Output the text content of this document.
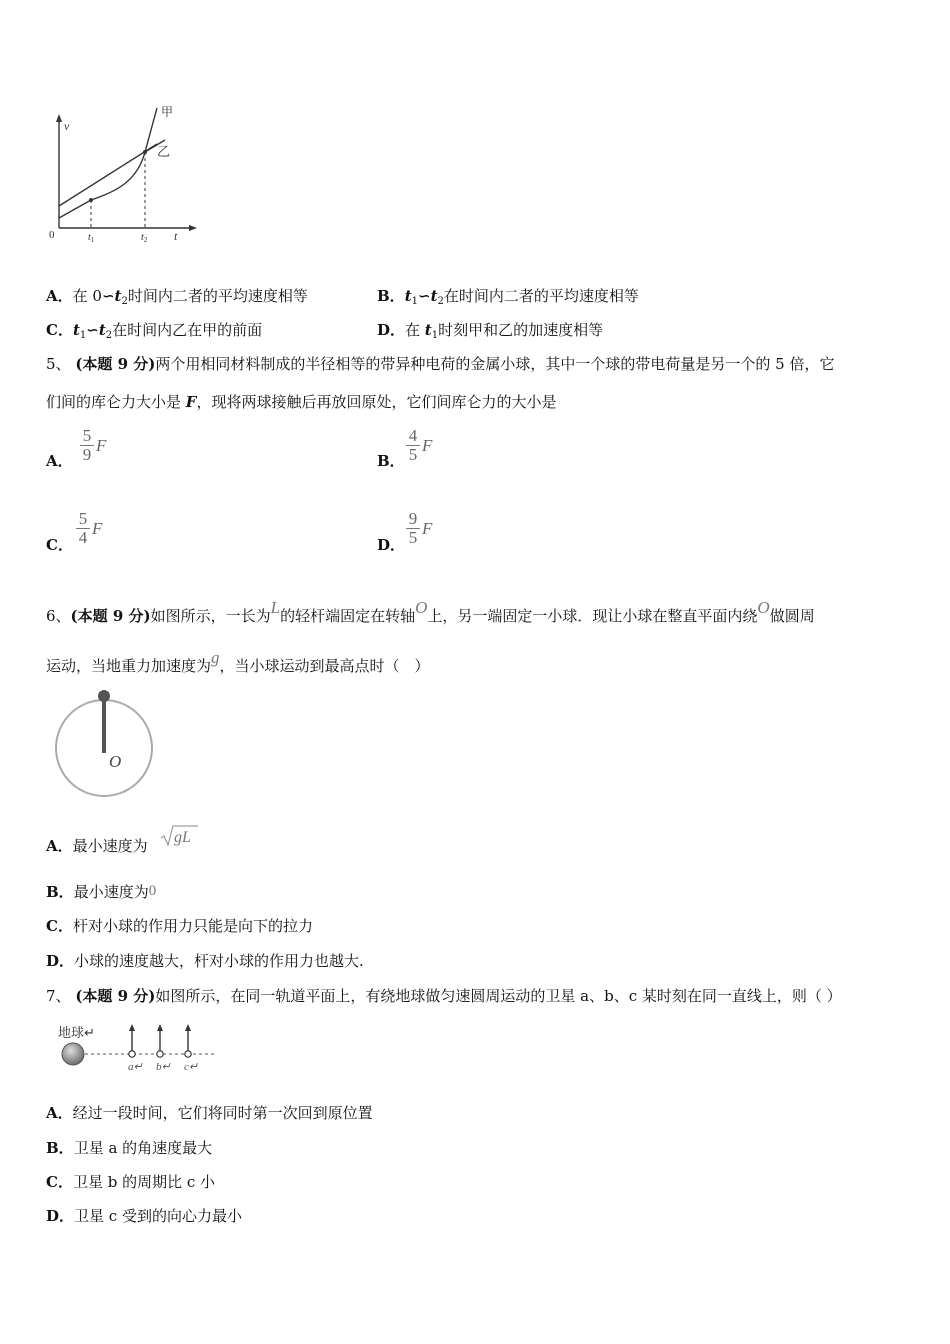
v
t
0	$t_1$	$t_2$
甲
乙
A．在 $0∽t_2$时间内二者的平均速度相等	B．$t_1∽t_2$在时间内二者的平均速度相等
C．$t_1∽t_2$在时间内乙在甲的前面	D．在 $t_1$时刻甲和乙的加速度相等
5、 (本题 9 分)两个用相同材料制成的半径相等的带异种电荷的金属小球，其中一个球的带电荷量是另一个的 5 倍，它
们间的库仑力大小是 F，现将两球接触后再放回原处，它们间库仑力的大小是
A．
5
9 F
B．
4
5 F
C．
5
4 F
D．
9
5 F
6、(本题 9 分)如图所示，一长为L的轻杆端固定在转轴O上，另一端固定一小球．现让小球在整直平面内绕O做圆周
运动，当地重力加速度为g，当小球运动到最高点时（　）
O
A．最小速度为 gL
B．最小速度为0
C．杆对小球的作用力只能是向下的拉力
D．小球的速度越大，杆对小球的作用力也越大.
7、 (本题 9 分)如图所示，在同一轨道平面上，有绕地球做匀速圆周运动的卫星 a、b、c 某时刻在同一直线上，则（ ）
地球↵
a↵ b↵ c↵
A．经过一段时间，它们将同时第一次回到原位置
B．卫星 a 的角速度最大
C．卫星 b 的周期比 c 小
D．卫星 c 受到的向心力最小
